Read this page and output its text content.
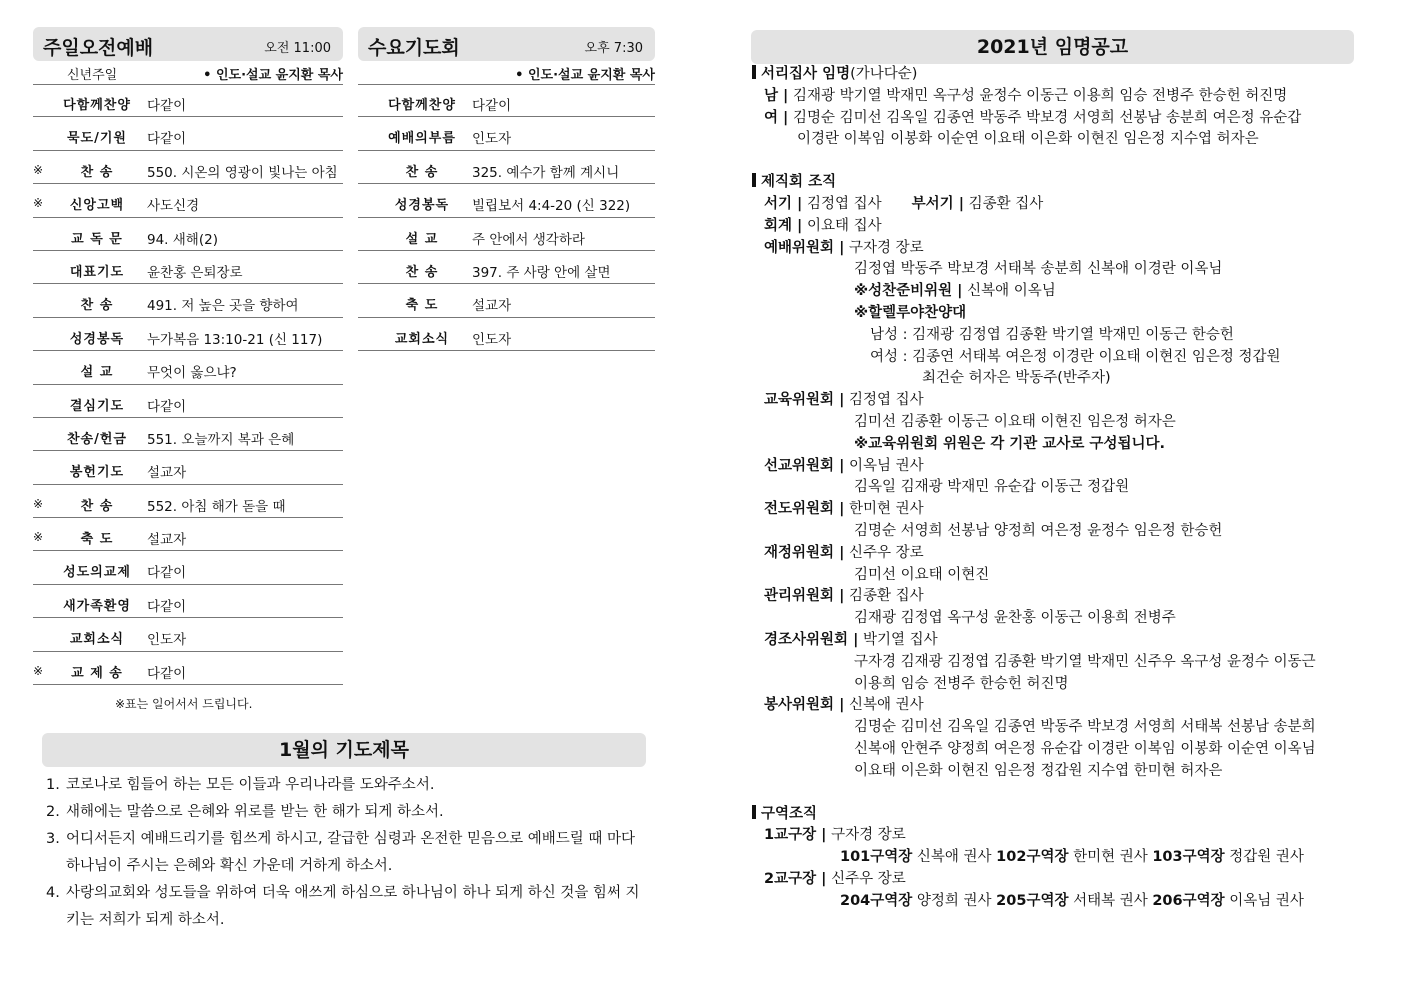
주일오전예배	오전 11:00
신년주일	• 인도·설교 윤지환 목사
다함께찬양	다같이
묵도/기원	다같이
※	찬 송	550. 시온의 영광이 빛나는 아침
※	신앙고백	사도신경
교 독 문	94. 새해(2)
대표기도	윤찬홍 은퇴장로
찬 송	491. 저 높은 곳을 향하여
성경봉독	누가복음 13:10-21 (신 117)
설 교	무엇이 옳으냐?
결심기도	다같이
찬송/헌금	551. 오늘까지 복과 은혜
봉헌기도	설교자
※	찬 송	552. 아침 해가 돋을 때
※	축 도	설교자
성도의교제	다같이
새가족환영	다같이
교회소식	인도자
※	교 제 송	다같이
※표는 일어서서 드립니다.
수요기도회	오후 7:30
• 인도·설교 윤지환 목사
다함께찬양	다같이
예배의부름	인도자
찬 송	325. 예수가 함께 계시니
성경봉독	빌립보서 4:4-20 (신 322)
설 교	주 안에서 생각하라
찬 송	397. 주 사랑 안에 살면
축 도	설교자
교회소식	인도자
1월의 기도제목
1. 코로나로 힘들어 하는 모든 이들과 우리나라를 도와주소서.
2. 새해에는 말씀으로 은혜와 위로를 받는 한 해가 되게 하소서.
3. 어디서든지 예배드리기를 힘쓰게 하시고, 갈급한 심령과 온전한 믿음으로 예배드릴 때 마다 하나님이 주시는 은혜와 확신 가운데 거하게 하소서.
4. 사랑의교회와 성도들을 위하여 더욱 애쓰게 하심으로 하나님이 하나 되게 하신 것을 힘써 지키는 저희가 되게 하소서.
2021년 임명공고
서리집사 임명(가나다순)
남 | 김재광 박기열 박재민 옥구성 윤정수 이동근 이용희 임승 전병주 한승헌 허진명
여 | 김명순 김미선 김옥일 김종연 박동주 박보경 서영희 선봉남 송분희 여은정 유순갑
이경란 이복임 이봉화 이순연 이요태 이은화 이현진 임은정 지수엽 허자은
제직회 조직
서기 | 김정엽 집사 부서기 | 김종환 집사
회계 | 이요태 집사
예배위원회 | 구자경 장로
김정엽 박동주 박보경 서태복 송분희 신복애 이경란 이옥님
※성찬준비위원 | 신복애 이옥님
※할렐루야찬양대
남성 : 김재광 김정엽 김종환 박기열 박재민 이동근 한승헌
여성 : 김종연 서태복 여은정 이경란 이요태 이현진 임은정 정갑원
최건순 허자은 박동주(반주자)
교육위원회 | 김정엽 집사
김미선 김종환 이동근 이요태 이현진 임은정 허자은
※교육위원회 위원은 각 기관 교사로 구성됩니다.
선교위원회 | 이옥님 권사
김옥일 김재광 박재민 유순갑 이동근 정갑원
전도위원회 | 한미현 권사
김명순 서영희 선봉남 양정희 여은정 윤정수 임은정 한승헌
재정위원회 | 신주우 장로
김미선 이요태 이현진
관리위원회 | 김종환 집사
김재광 김정엽 옥구성 윤찬홍 이동근 이용희 전병주
경조사위원회 | 박기열 집사
구자경 김재광 김정엽 김종환 박기열 박재민 신주우 옥구성 윤정수 이동근
이용희 임승 전병주 한승헌 허진명
봉사위원회 | 신복애 권사
김명순 김미선 김옥일 김종연 박동주 박보경 서영희 서태복 선봉남 송분희
신복애 안현주 양정희 여은정 유순갑 이경란 이복임 이봉화 이순연 이옥님
이요태 이은화 이현진 임은정 정갑원 지수엽 한미현 허자은
구역조직
1교구장 | 구자경 장로
101구역장 신복애 권사 102구역장 한미현 권사 103구역장 정갑원 권사
2교구장 | 신주우 장로
204구역장 양정희 권사 205구역장 서태복 권사 206구역장 이옥님 권사
